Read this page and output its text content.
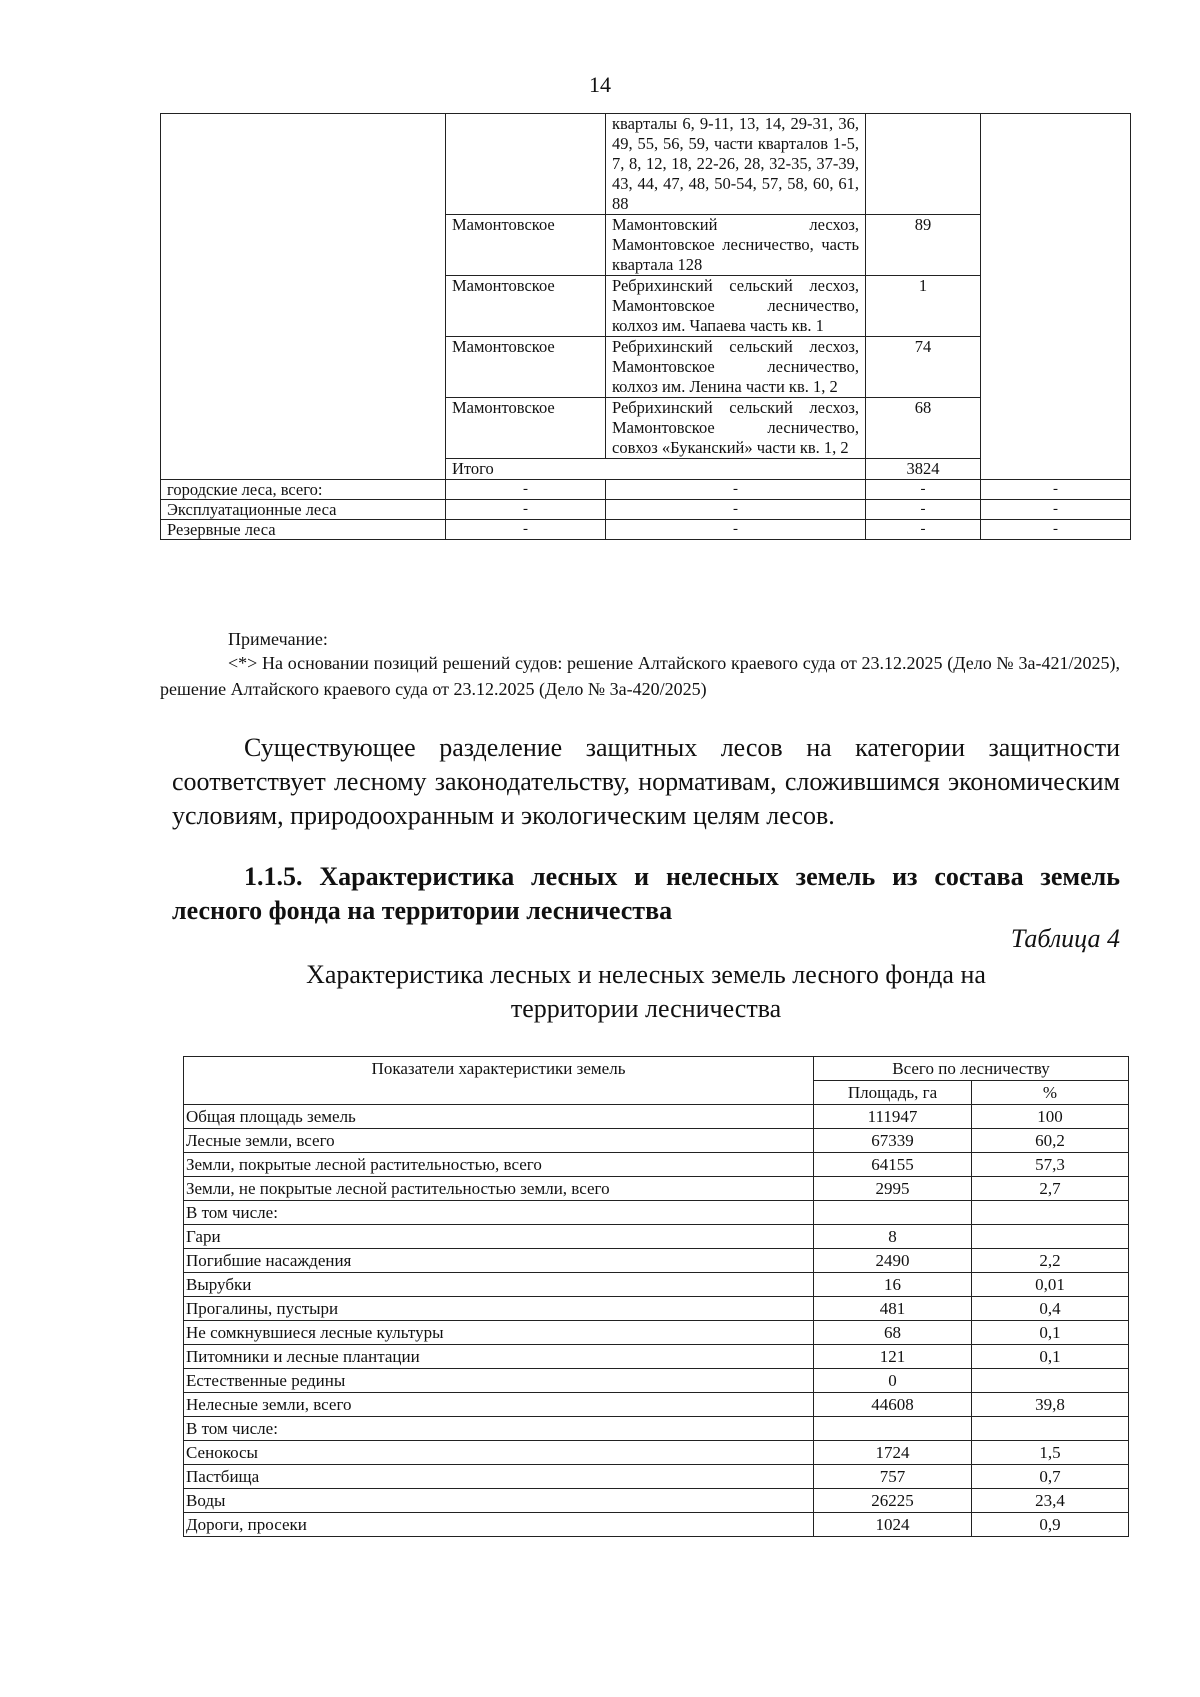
14
		кварталы 6, 9-11, 13, 14, 29-31, 36, 49, 55, 56, 59, части кварталов 1-5, 7, 8, 12, 18, 22-26, 28, 32-35, 37-39, 43, 44, 47, 48, 50-54, 57, 58, 60, 61, 88		
	Мамонтовское	Мамонтовский лесхоз, Мамонтовское лесничество, часть квартала 128	89	
	Мамонтовское	Ребрихинский сельский лесхоз, Мамонтовское лесничество, колхоз им. Чапаева часть кв. 1	1	
	Мамонтовское	Ребрихинский сельский лесхоз, Мамонтовское лесничество, колхоз им. Ленина части кв. 1, 2	74	
	Мамонтовское	Ребрихинский сельский лесхоз, Мамонтовское лесничество, совхоз «Буканский» части кв. 1, 2	68	
	Итого		3824	
городские леса, всего:	-	-	-	-
Эксплуатационные леса	-	-	-	-
Резервные леса	-	-	-	-
Примечание:
<*> На основании позиций решений судов: решение Алтайского краевого суда от 23.12.2025 (Дело № 3а-421/2025), решение Алтайского краевого суда от 23.12.2025 (Дело № 3а-420/2025)
Существующее разделение защитных лесов на категории защитности соответствует лесному законодательству, нормативам, сложившимся экономическим условиям, природоохранным и экологическим целям лесов.
1.1.5. Характеристика лесных и нелесных земель из состава земель лесного фонда на территории лесничества
Таблица 4
Характеристика лесных и нелесных земель лесного фонда на
территории лесничества
Показатели характеристики земель	Всего по лесничеству	
	Площадь, га	%
Общая площадь земель	111947	100
Лесные земли, всего	67339	60,2
Земли, покрытые лесной растительностью, всего	64155	57,3
Земли, не покрытые лесной растительностью земли, всего	2995	2,7
В том числе:		
Гари	8	
Погибшие насаждения	2490	2,2
Вырубки	16	0,01
Прогалины, пустыри	481	0,4
Не сомкнувшиеся лесные культуры	68	0,1
Питомники и лесные плантации	121	0,1
Естественные редины	0	
Нелесные земли, всего	44608	39,8
В том числе:		
Сенокосы	1724	1,5
Пастбища	757	0,7
Воды	26225	23,4
Дороги, просеки	1024	0,9
